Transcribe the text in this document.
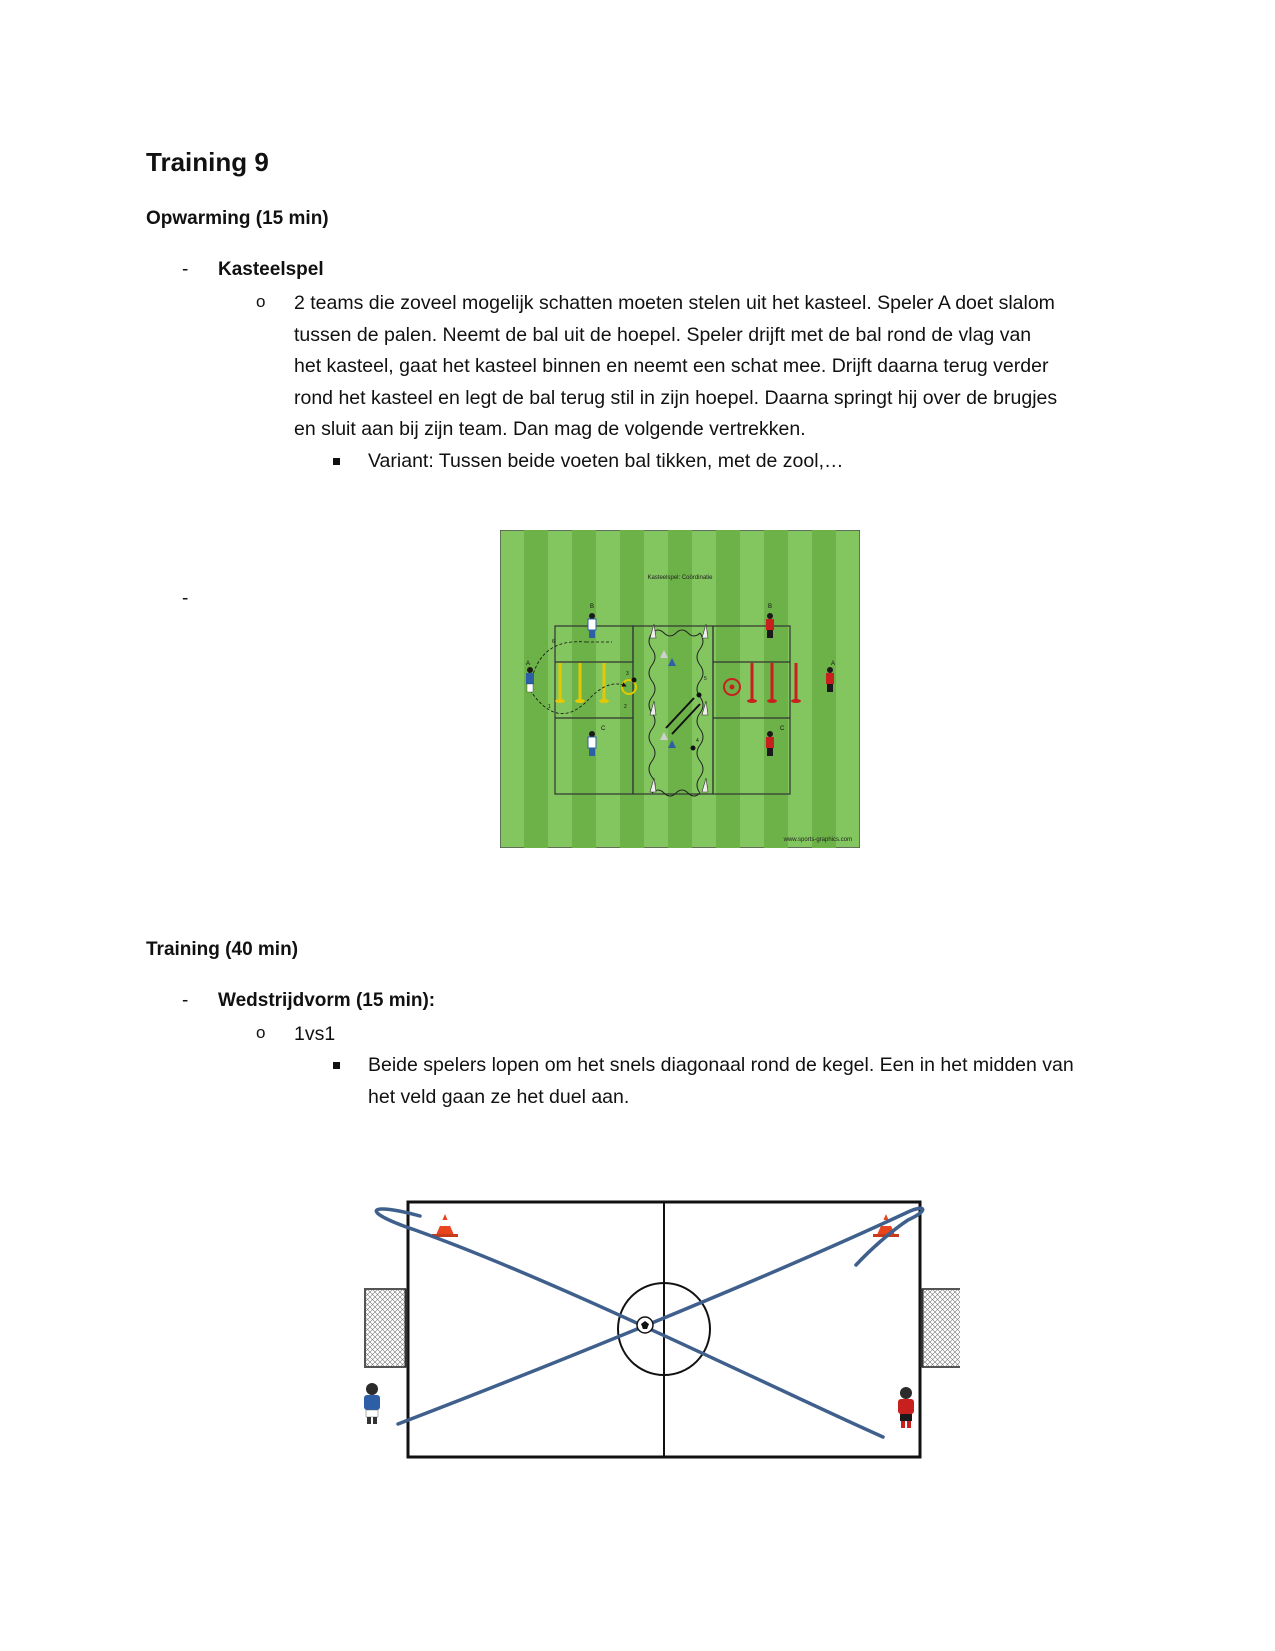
Training 9
Opwarming (15 min)
- Kasteelspel
o 2 teams die zoveel mogelijk schatten moeten stelen uit het kasteel. Speler A doet slalom
tussen de palen. Neemt de bal uit de hoepel. Speler drijft met de bal rond de vlag van
het kasteel, gaat het kasteel binnen en neemt een schat mee. Drijft daarna terug verder
rond het kasteel en legt de bal terug stil in zijn hoepel. Daarna springt hij over de brugjes
en sluit aan bij zijn team. Dan mag de volgende vertrekken.
Variant: Tussen beide voeten bal tikken, met de zool,…
-
Kasteelspel: Coördinatie
www.sports-graphics.com
A
B
C
B
A
C
6
1	2
3
4
5
Training (40 min)
- Wedstrijdvorm (15 min):
o 1vs1
Beide spelers lopen om het snels diagonaal rond de kegel. Een in het midden van
het veld gaan ze het duel aan.
